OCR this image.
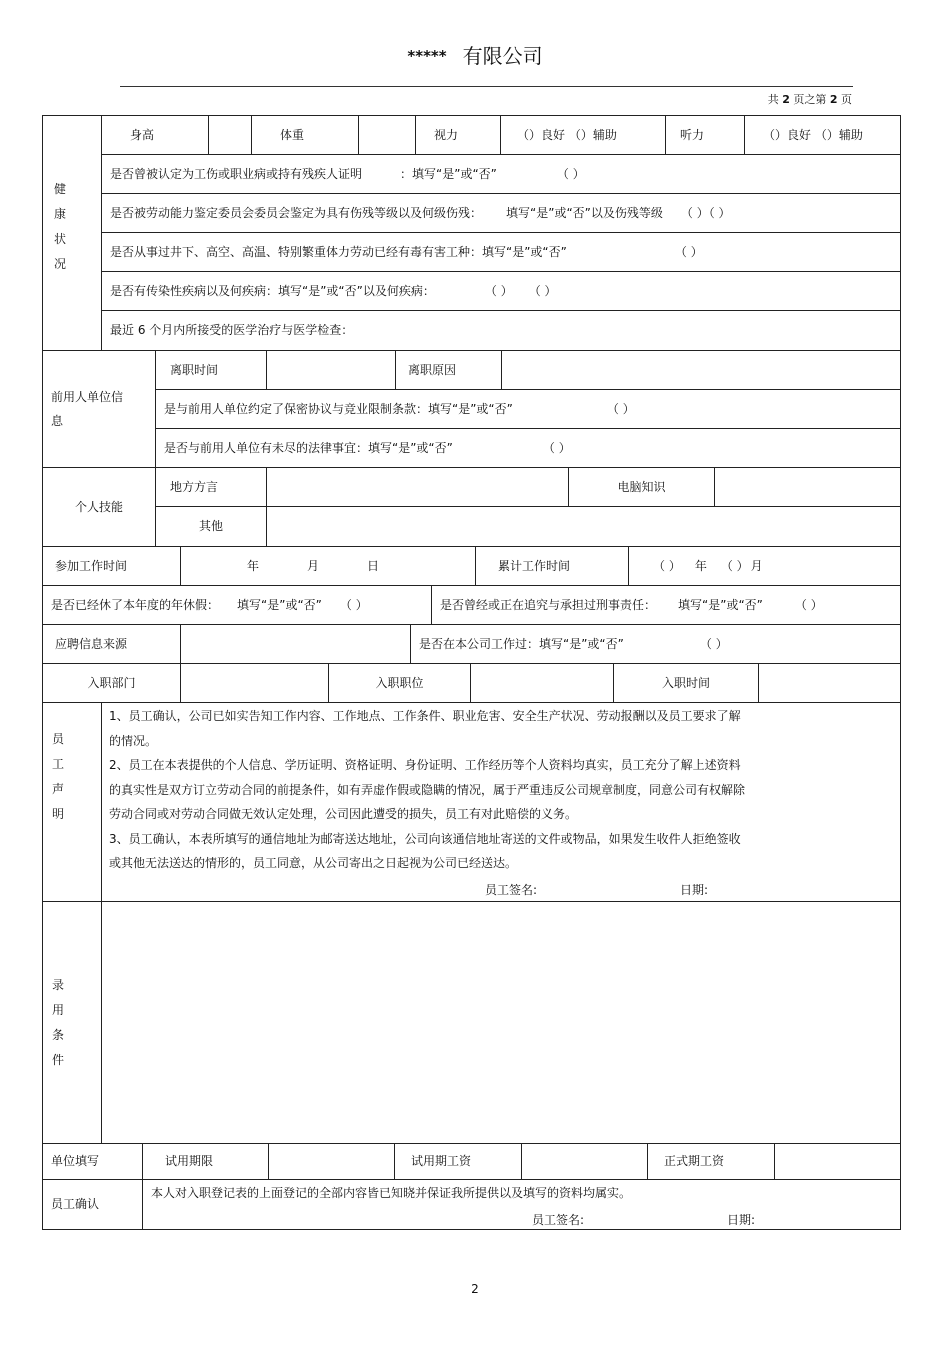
***** 有限公司
共 2 页之第 2 页
健
康
状
况
身高	体重	视力	（）良好 （）辅助	听力	（）良好 （）辅助
是否曾被认定为工伤或职业病或持有残疾人证明	：填写“是”或“否”	（ ）
是否被劳动能力鉴定委员会委员会鉴定为具有伤残等级以及何级伤残： 填写“是”或“否”以及伤残等级 （ ）（ ）
是否从事过井下、高空、高温、特别繁重体力劳动已经有毒有害工种：填写“是”或“否”	（ ）
是否有传染性疾病以及何疾病：填写“是”或“否”以及何疾病：	（ ） （ ）
最近 6 个月内所接受的医学治疗与医学检查：
前用人单位信息
离职时间	离职原因
是与前用人单位约定了保密协议与竞业限制条款：填写“是”或“否”	（ ）
是否与前用人单位有未尽的法律事宜：填写“是”或“否”	（ ）
个人技能
地方方言	电脑知识
其他
参加工作时间	年	月	日	累计工作时间	（ ） 年 （ ） 月
是否已经休了本年度的年休假： 填写“是”或“否” （ ）	是否曾经或正在追究与承担过刑事责任： 填写“是”或“否”	（ ）
应聘信息来源	是否在本公司工作过：填写“是”或“否”	（ ）
入职部门	入职职位	入职时间
员
工
声
明
1、员工确认，公司已如实告知工作内容、工作地点、工作条件、职业危害、安全生产状况、劳动报酬以及员工要求了解
的情况。
2、员工在本表提供的个人信息、学历证明、资格证明、身份证明、工作经历等个人资料均真实，员工充分了解上述资料
的真实性是双方订立劳动合同的前提条件，如有弄虚作假或隐瞒的情况，属于严重违反公司规章制度，同意公司有权解除
劳动合同或对劳动合同做无效认定处理，公司因此遭受的损失，员工有对此赔偿的义务。
3、员工确认，本表所填写的通信地址为邮寄送达地址，公司向该通信地址寄送的文件或物品，如果发生收件人拒绝签收
或其他无法送达的情形的，员工同意，从公司寄出之日起视为公司已经送达。
员工签名:	日期:
录
用
条
件
单位填写	试用期限	试用期工资	正式期工资
员工确认
本人对入职登记表的上面登记的全部内容皆已知晓并保证我所提供以及填写的资料均属实。
员工签名:	日期:
2
